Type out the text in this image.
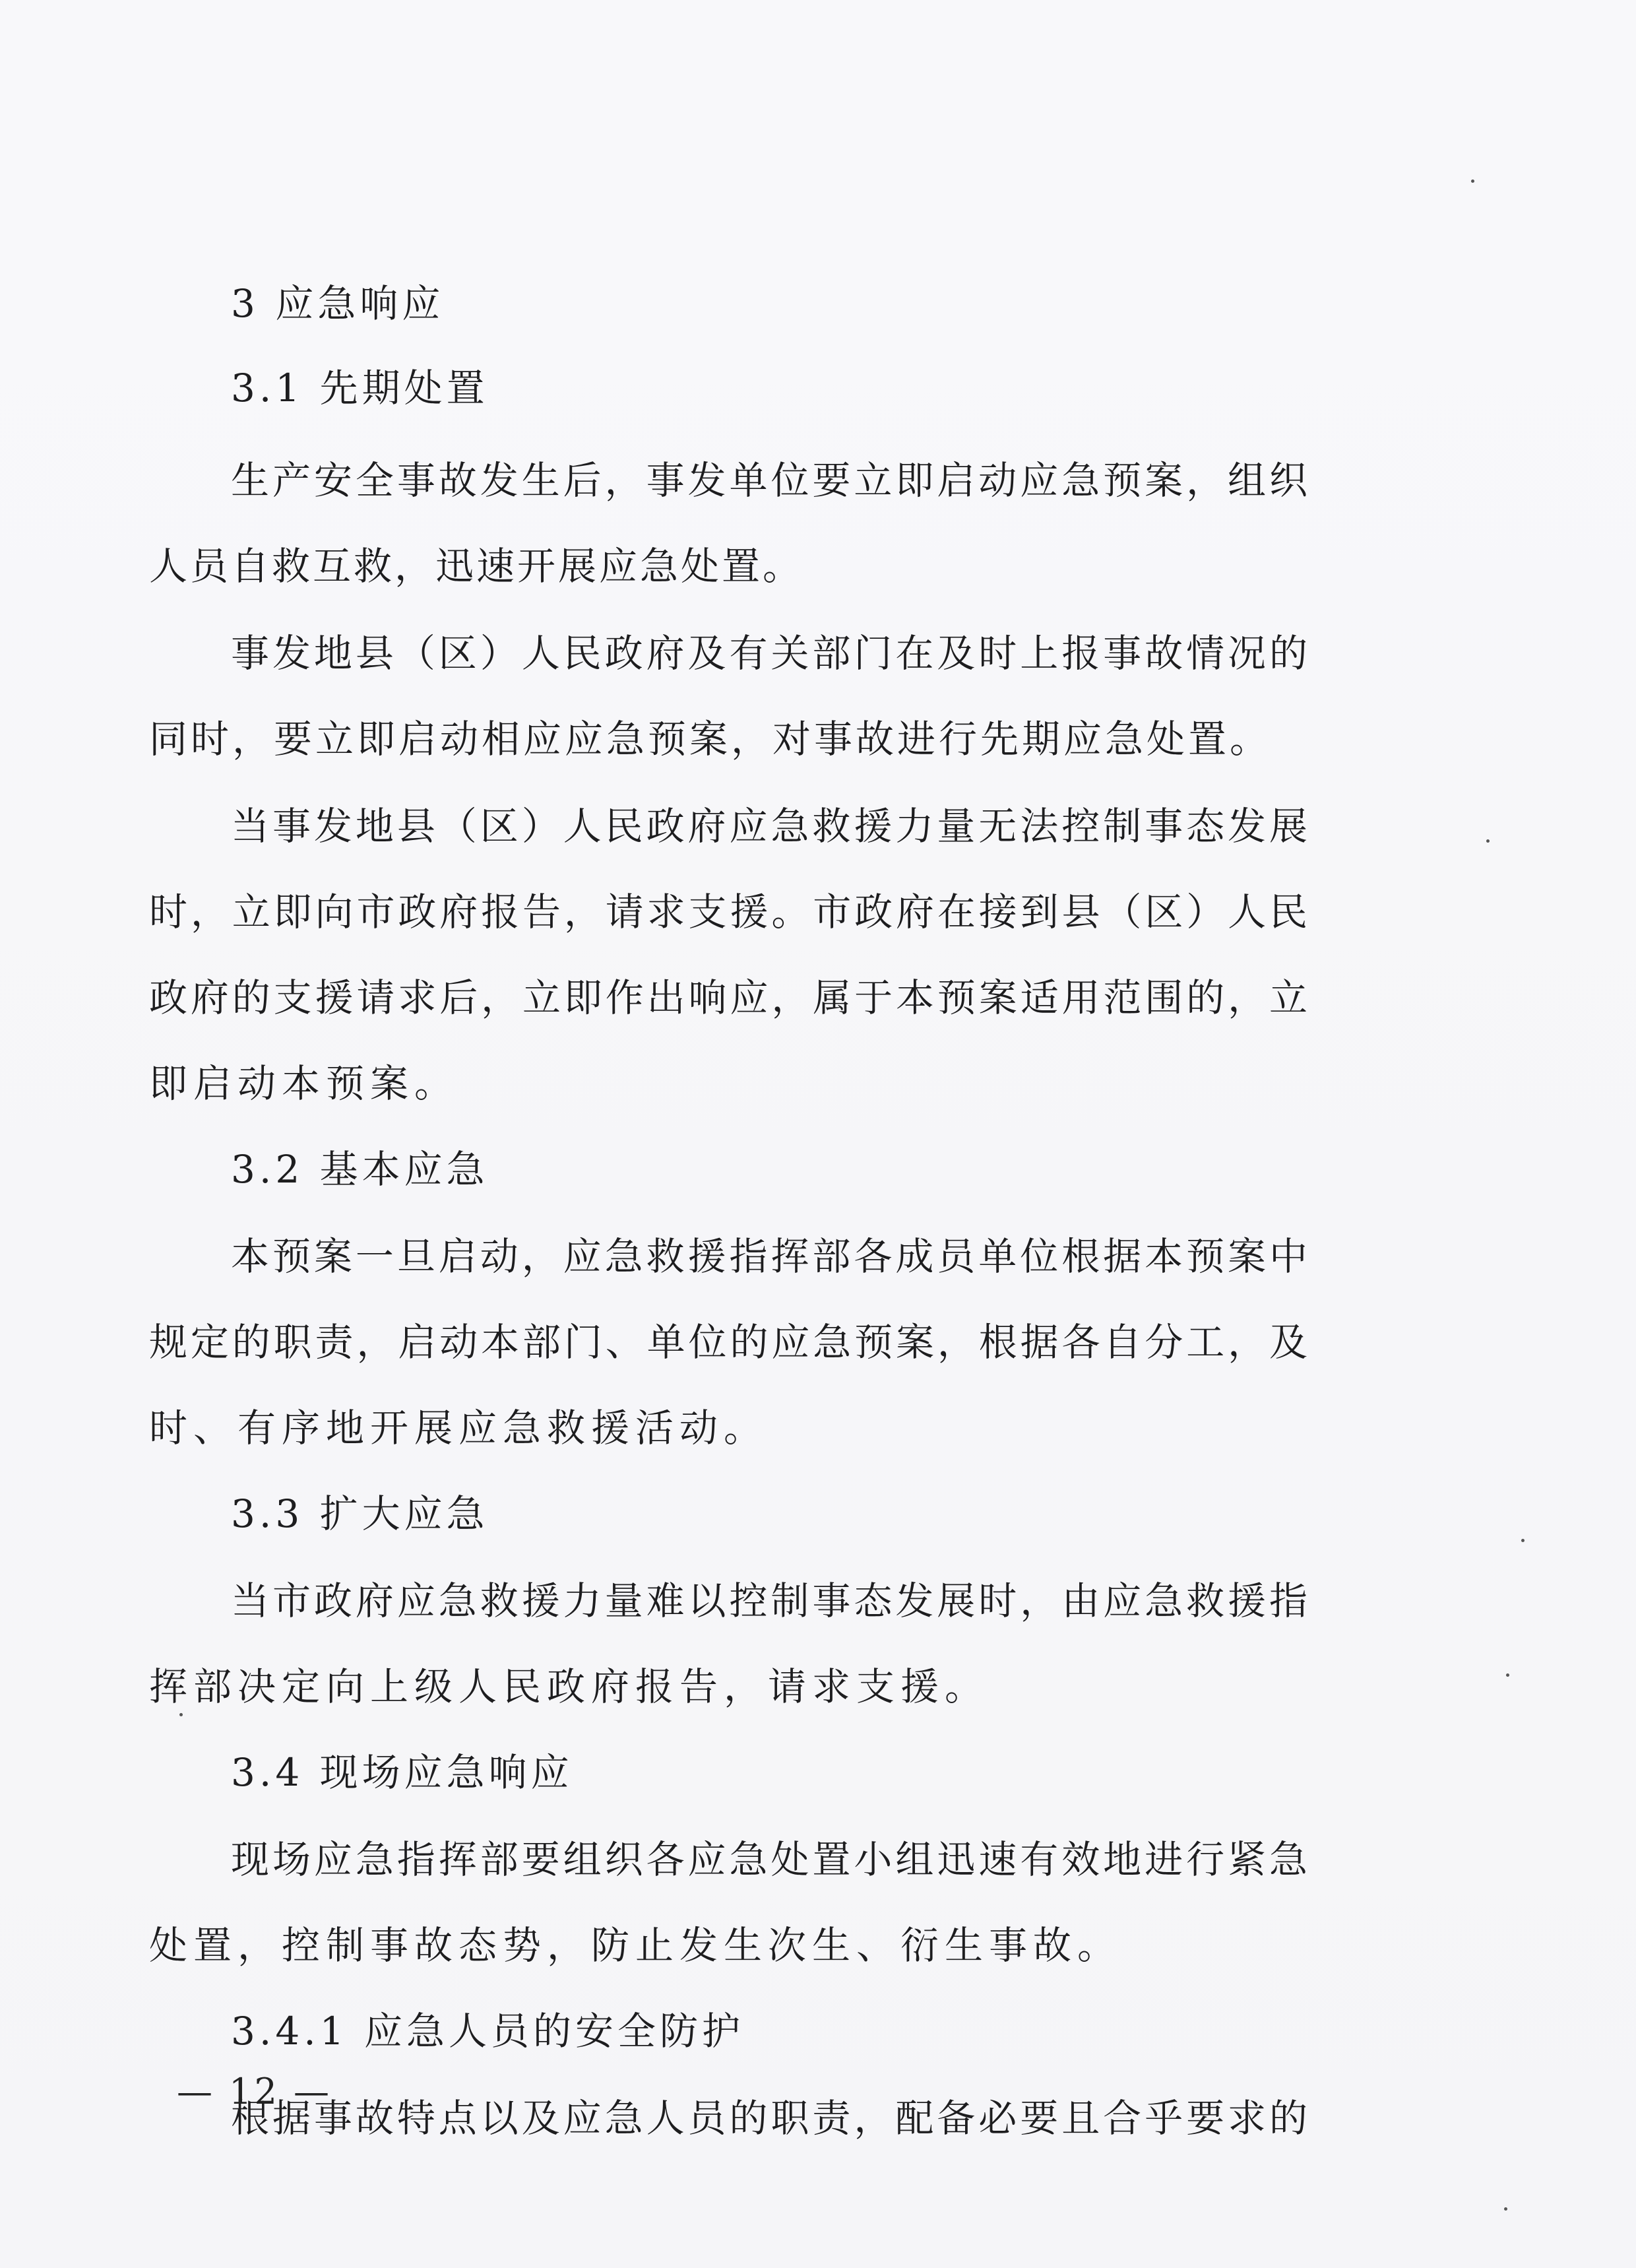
3 应急响应
3.1 先期处置
生产安全事故发生后，事发单位要立即启动应急预案，组织
人员自救互救，迅速开展应急处置。
事发地县（区）人民政府及有关部门在及时上报事故情况的
同时，要立即启动相应应急预案，对事故进行先期应急处置。
当事发地县（区）人民政府应急救援力量无法控制事态发展
时，立即向市政府报告，请求支援。市政府在接到县（区）人民
政府的支援请求后，立即作出响应，属于本预案适用范围的，立
即启动本预案。
3.2 基本应急
本预案一旦启动，应急救援指挥部各成员单位根据本预案中
规定的职责，启动本部门、单位的应急预案，根据各自分工，及
时、有序地开展应急救援活动。
3.3 扩大应急
当市政府应急救援力量难以控制事态发展时，由应急救援指
挥部决定向上级人民政府报告，请求支援。
3.4 现场应急响应
现场应急指挥部要组织各应急处置小组迅速有效地进行紧急
处置，控制事故态势，防止发生次生、衍生事故。
3.4.1 应急人员的安全防护
根据事故特点以及应急人员的职责，配备必要且合乎要求的
— 12 —
